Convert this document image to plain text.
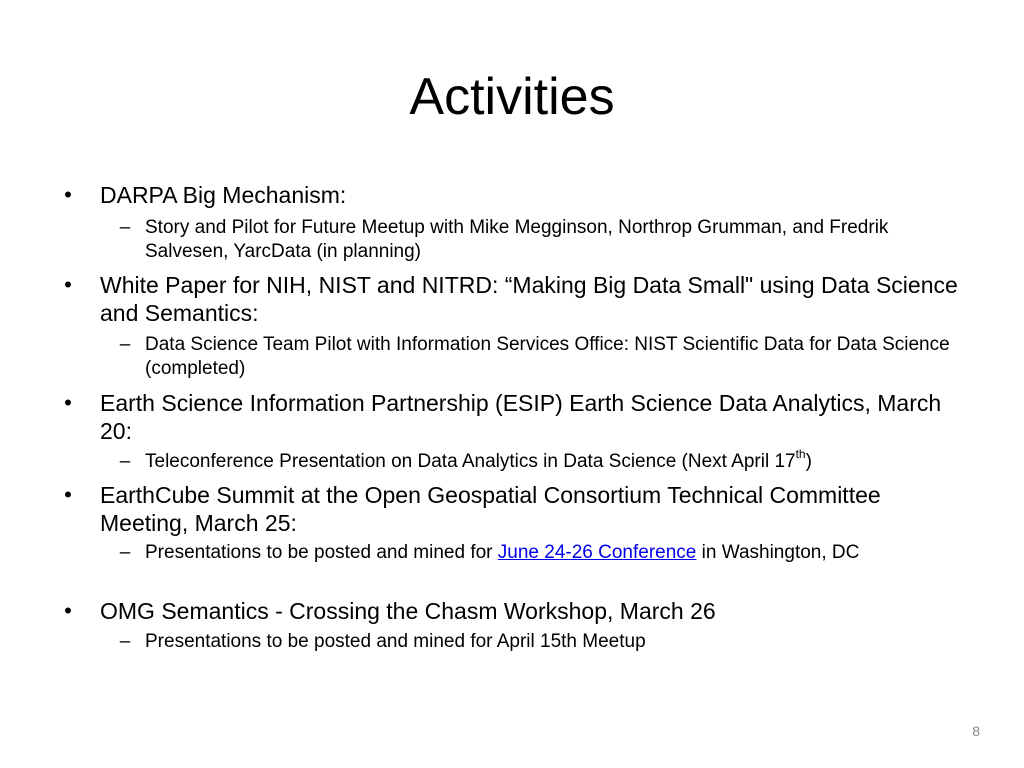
Activities
• DARPA Big Mechanism:
– Story and Pilot for Future Meetup with Mike Megginson, Northrop Grumman, and Fredrik Salvesen, YarcData (in planning)
• White Paper for NIH, NIST and NITRD: “Making Big Data Small" using Data Science and Semantics:
– Data Science Team Pilot with Information Services Office: NIST Scientific Data for Data Science (completed)
• Earth Science Information Partnership (ESIP) Earth Science Data Analytics, March 20:
– Teleconference Presentation on Data Analytics in Data Science (Next April 17th)
• EarthCube Summit at the Open Geospatial Consortium Technical Committee Meeting, March 25:
– Presentations to be posted and mined for June 24-26 Conference in Washington, DC
• OMG Semantics - Crossing the Chasm Workshop, March 26
– Presentations to be posted and mined for April 15th Meetup
8
